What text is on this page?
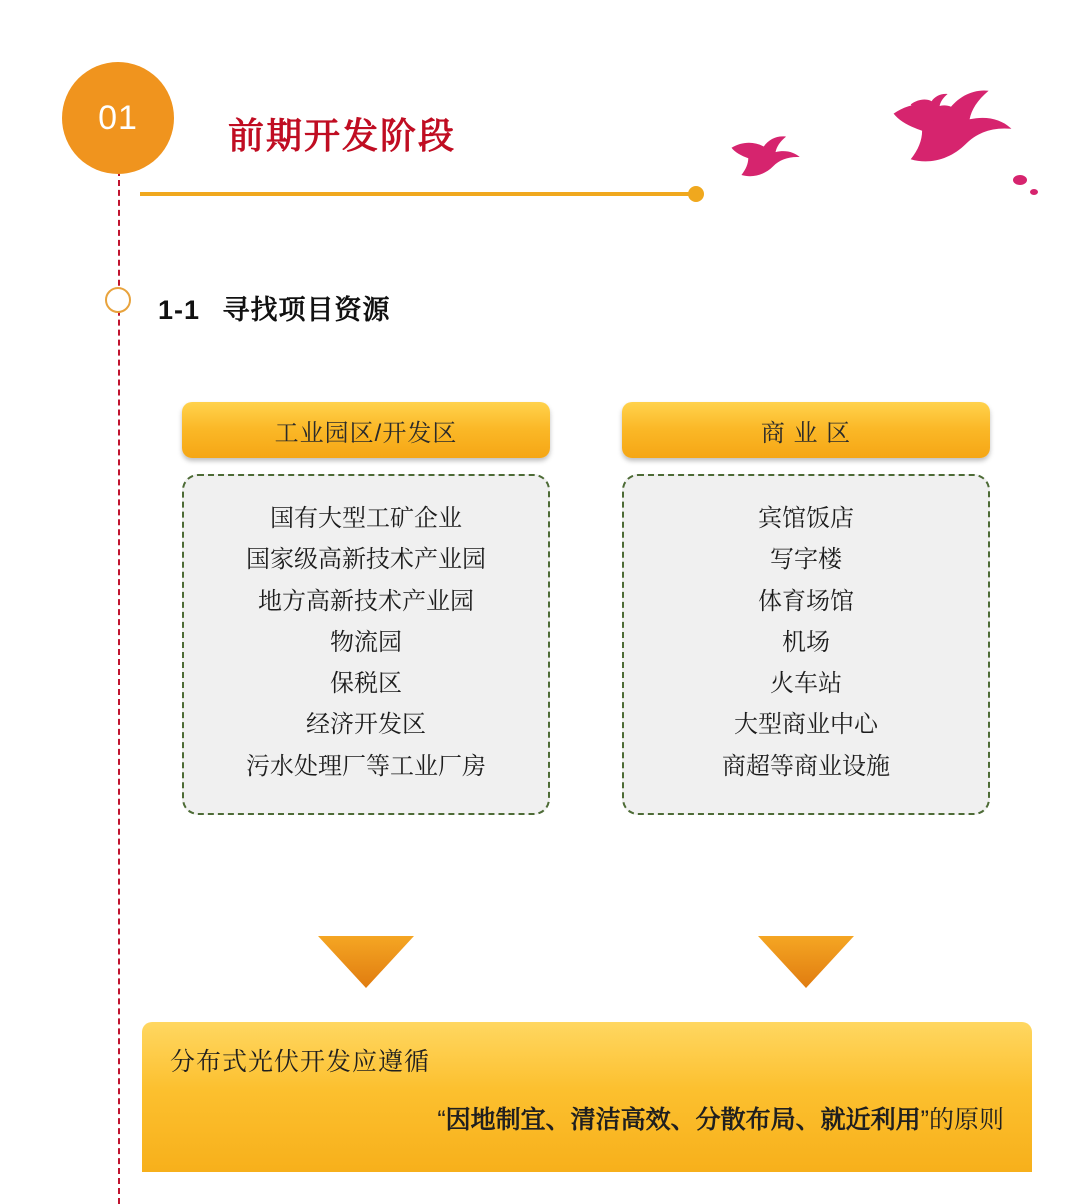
01	前期开发阶段
1-1 寻找项目资源
工业园区/开发区
国有大型工矿企业
国家级高新技术产业园
地方高新技术产业园
物流园
保税区
经济开发区
污水处理厂等工业厂房
商 业 区
宾馆饭店
写字楼
体育场馆
机场
火车站
大型商业中心
商超等商业设施
分布式光伏开发应遵循
“因地制宜、清洁高效、分散布局、就近利用”的原则
